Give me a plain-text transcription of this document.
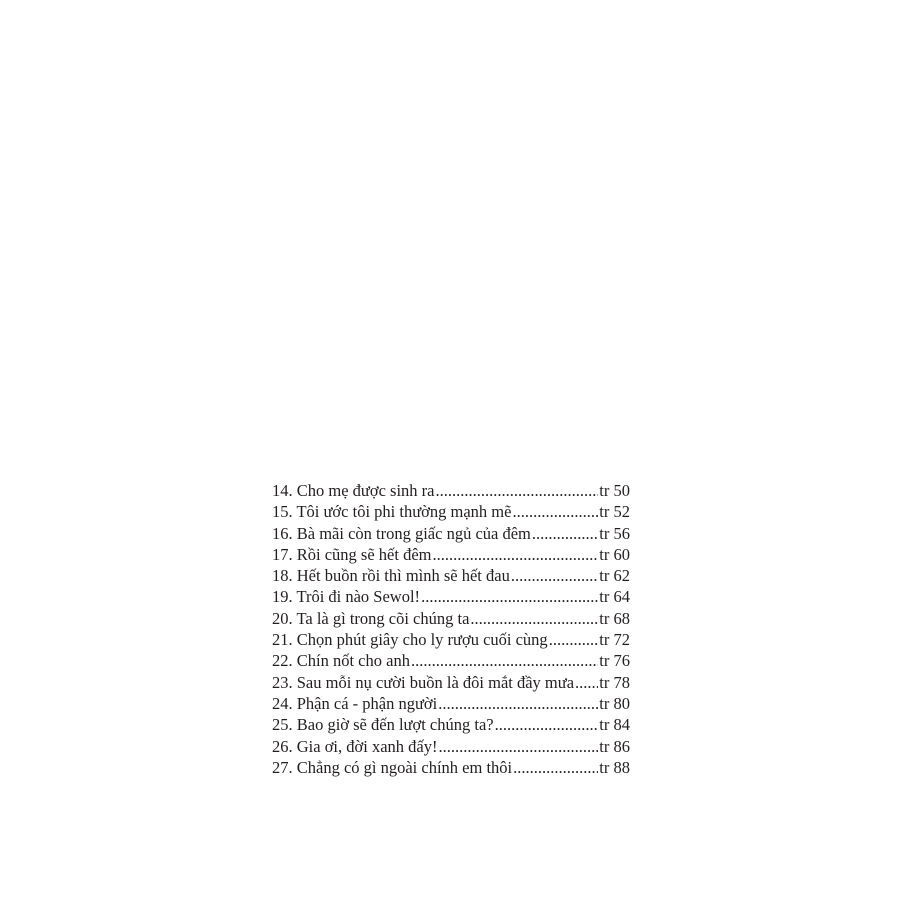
14. Cho mẹ được sinh ra .....	tr 50
15. Tôi ước tôi phi thường mạnh mẽ .....	tr 52
16. Bà mãi còn trong giấc ngủ của đêm .....	tr 56
17. Rồi cũng sẽ hết đêm .....	tr 60
18. Hết buồn rồi thì mình sẽ hết đau .....	tr 62
19. Trôi đi nào Sewol! .....	tr 64
20. Ta là gì trong cõi chúng ta .....	tr 68
21. Chọn phút giây cho ly rượu cuối cùng .....	tr 72
22. Chín nốt cho anh .....	tr 76
23. Sau mỗi nụ cười buồn là đôi mắt đầy mưa ..... tr 78
24. Phận cá - phận người .....	tr 80
25. Bao giờ sẽ đến lượt chúng ta? .....	tr 84
26. Gia ơi, đời xanh đấy! .....	tr 86
27. Chẳng có gì ngoài chính em thôi .....	tr 88
